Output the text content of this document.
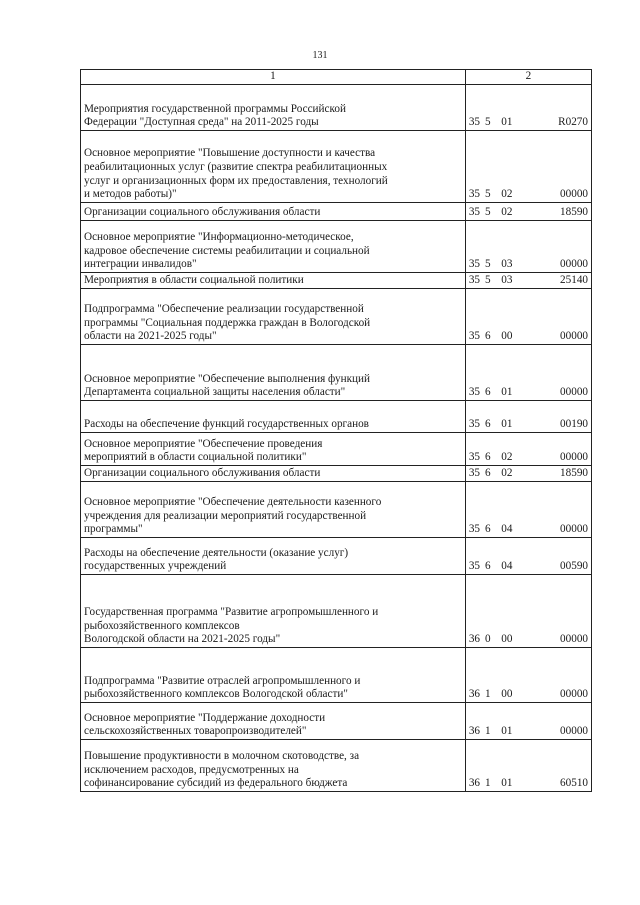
131
1	2
Мероприятия государственной программы Российской
Федерации "Доступная среда" на 2011-2025 годы	35 5 01 R0270

Основное мероприятие "Повышение доступности и качества
реабилитационных услуг (развитие спектра реабилитационных
услуг и организационных форм их предоставления, технологий
и методов работы)"	35 5 02 00000

Организации социального обслуживания области	35 5 02 18590

Основное мероприятие "Информационно-методическое,
кадровое обеспечение системы реабилитации и социальной
интеграции инвалидов"	35 5 03 00000

Мероприятия в области социальной политики	35 5 03 25140

Подпрограмма "Обеспечение реализации государственной
программы "Социальная поддержка граждан в Вологодской
области на 2021-2025 годы"	35 6 00 00000

Основное мероприятие "Обеспечение выполнения функций
Департамента социальной защиты населения области"	35 6 01 00000

Расходы на обеспечение функций государственных органов	35 6 01 00190

Основное мероприятие "Обеспечение проведения
мероприятий в области социальной политики"	35 6 02 00000

Организации социального обслуживания области	35 6 02 18590

Основное мероприятие "Обеспечение деятельности казенного
учреждения для реализации мероприятий государственной
программы"	35 6 04 00000

Расходы на обеспечение деятельности (оказание услуг)
государственных учреждений	35 6 04 00590

Государственная программа "Развитие агропромышленного и
рыбохозяйственного комплексов
Вологодской области на 2021-2025 годы"	36 0 00 00000

Подпрограмма "Развитие отраслей агропромышленного и
рыбохозяйственного комплексов Вологодской области"	36 1 00 00000

Основное мероприятие "Поддержание доходности
сельскохозяйственных товаропроизводителей"	36 1 01 00000

Повышение продуктивности в молочном скотоводстве, за
исключением расходов, предусмотренных на
софинансирование субсидий из федерального бюджета	36 1 01 60510
